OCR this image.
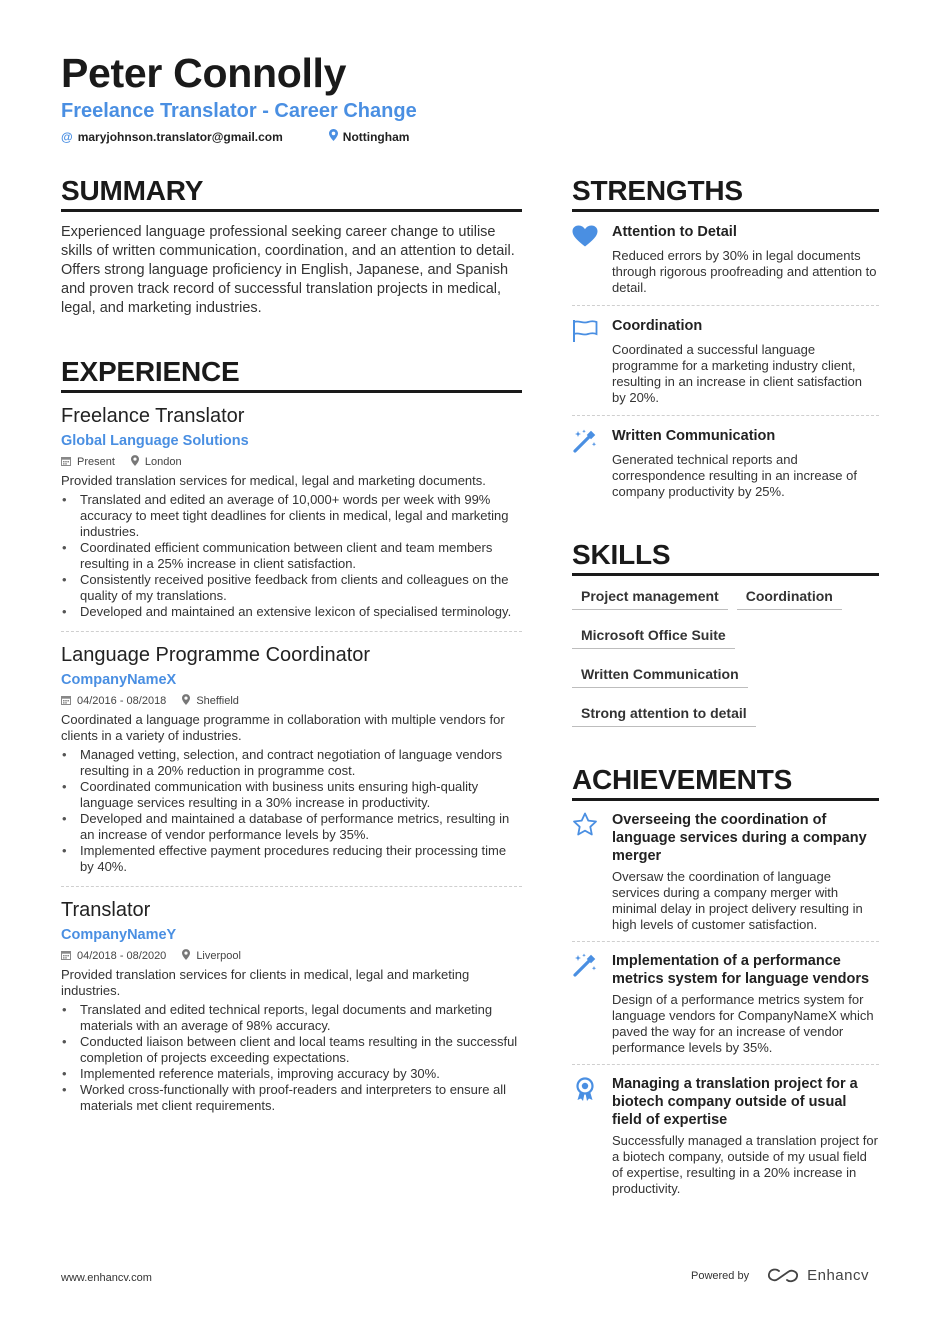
Peter Connolly
Freelance Translator - Career Change
@ maryjohnson.translator@gmail.com	Nottingham
SUMMARY
Experienced language professional seeking career change to utilise skills of written communication, coordination, and an attention to detail. Offers strong language proficiency in English, Japanese, and Spanish and proven track record of successful translation projects in medical, legal, and marketing industries.
EXPERIENCE
Freelance Translator
Global Language Solutions
Present	London
Provided translation services for medical, legal and marketing documents.
• Translated and edited an average of 10,000+ words per week with 99% accuracy to meet tight deadlines for clients in medical, legal and marketing industries.
• Coordinated efficient communication between client and team members resulting in a 25% increase in client satisfaction.
• Consistently received positive feedback from clients and colleagues on the quality of my translations.
• Developed and maintained an extensive lexicon of specialised terminology.
Language Programme Coordinator
CompanyNameX
04/2016 - 08/2018	Sheffield
Coordinated a language programme in collaboration with multiple vendors for clients in a variety of industries.
• Managed vetting, selection, and contract negotiation of language vendors resulting in a 20% reduction in programme cost.
• Coordinated communication with business units ensuring high-quality language services resulting in a 30% increase in productivity.
• Developed and maintained a database of performance metrics, resulting in an increase of vendor performance levels by 35%.
• Implemented effective payment procedures reducing their processing time by 40%.
Translator
CompanyNameY
04/2018 - 08/2020	Liverpool
Provided translation services for clients in medical, legal and marketing industries.
• Translated and edited technical reports, legal documents and marketing materials with an average of 98% accuracy.
• Conducted liaison between client and local teams resulting in the successful completion of projects exceeding expectations.
• Implemented reference materials, improving accuracy by 30%.
• Worked cross-functionally with proof-readers and interpreters to ensure all materials met client requirements.
STRENGTHS
Attention to Detail
Reduced errors by 30% in legal documents through rigorous proofreading and attention to detail.
Coordination
Coordinated a successful language programme for a marketing industry client, resulting in an increase in client satisfaction by 20%.
Written Communication
Generated technical reports and correspondence resulting in an increase of company productivity by 25%.
SKILLS
Project management	Coordination
Microsoft Office Suite
Written Communication
Strong attention to detail
ACHIEVEMENTS
Overseeing the coordination of language services during a company merger
Oversaw the coordination of language services during a company merger with minimal delay in project delivery resulting in high levels of customer satisfaction.
Implementation of a performance metrics system for language vendors
Design of a performance metrics system for language vendors for CompanyNameX which paved the way for an increase of vendor performance levels by 35%.
Managing a translation project for a biotech company outside of usual field of expertise
Successfully managed a translation project for a biotech company, outside of my usual field of expertise, resulting in a 20% increase in productivity.
www.enhancv.com	Powered by	Enhancv
